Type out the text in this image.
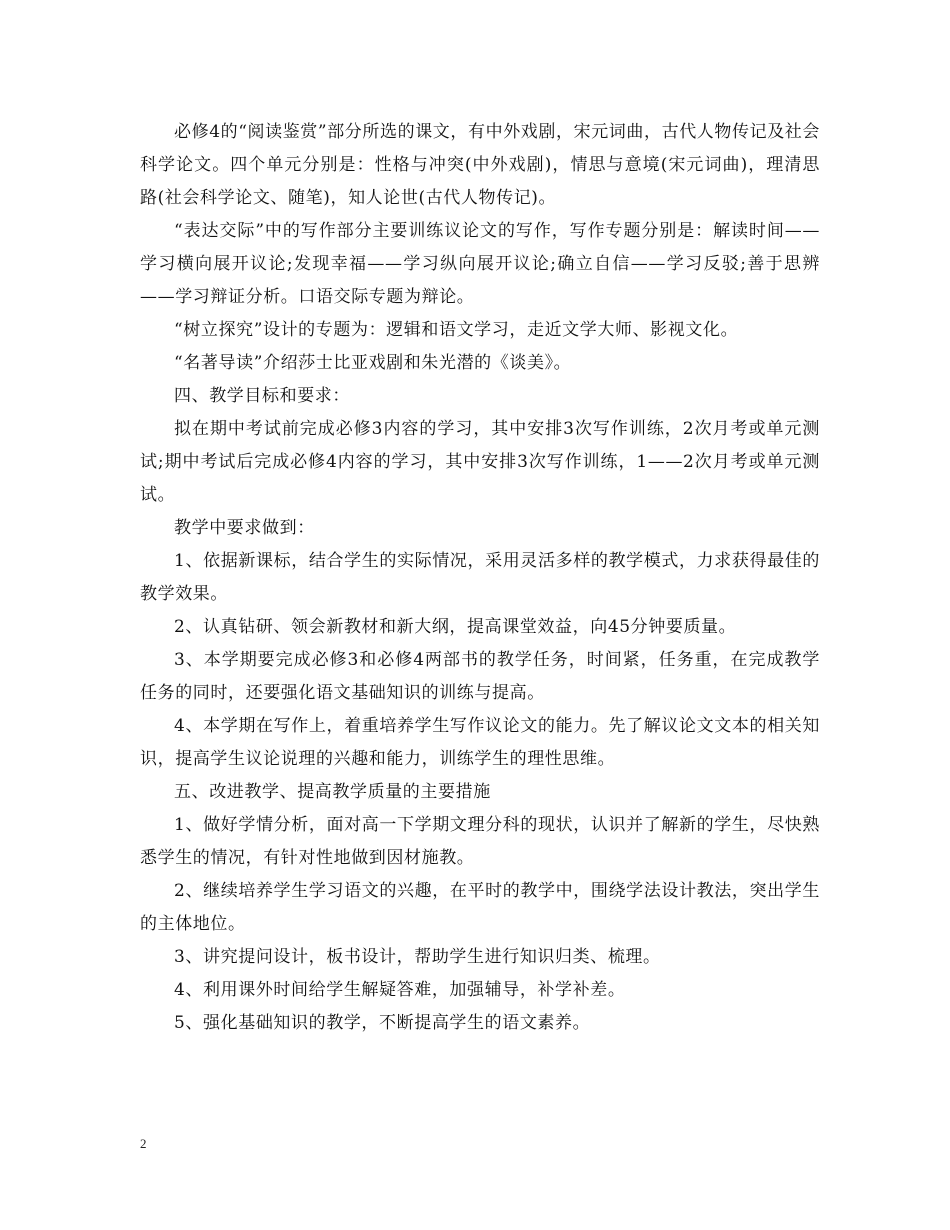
必修4的“阅读鉴赏”部分所选的课文，有中外戏剧，宋元词曲，古代人物传记及社会科学论文。四个单元分别是：性格与冲突(中外戏剧)，情思与意境(宋元词曲)，理清思路(社会科学论文、随笔)，知人论世(古代人物传记)。

“表达交际”中的写作部分主要训练议论文的写作，写作专题分别是：解读时间——学习横向展开议论;发现幸福——学习纵向展开议论;确立自信——学习反驳;善于思辨——学习辩证分析。口语交际专题为辩论。

“树立探究”设计的专题为：逻辑和语文学习，走近文学大师、影视文化。

“名著导读”介绍莎士比亚戏剧和朱光潜的《谈美》。

四、教学目标和要求：

拟在期中考试前完成必修3内容的学习，其中安排3次写作训练，2次月考或单元测试;期中考试后完成必修4内容的学习，其中安排3次写作训练，1——2次月考或单元测试。

教学中要求做到：

1、依据新课标，结合学生的实际情况，采用灵活多样的教学模式，力求获得最佳的教学效果。

2、认真钻研、领会新教材和新大纲，提高课堂效益，向45分钟要质量。

3、本学期要完成必修3和必修4两部书的教学任务，时间紧，任务重，在完成教学任务的同时，还要强化语文基础知识的训练与提高。

4、本学期在写作上，着重培养学生写作议论文的能力。先了解议论文文本的相关知识，提高学生议论说理的兴趣和能力，训练学生的理性思维。

五、改进教学、提高教学质量的主要措施

1、做好学情分析，面对高一下学期文理分科的现状，认识并了解新的学生，尽快熟悉学生的情况，有针对性地做到因材施教。

2、继续培养学生学习语文的兴趣，在平时的教学中，围绕学法设计教法，突出学生的主体地位。

3、讲究提问设计，板书设计，帮助学生进行知识归类、梳理。

4、利用课外时间给学生解疑答难，加强辅导，补学补差。

5、强化基础知识的教学，不断提高学生的语文素养。

2
